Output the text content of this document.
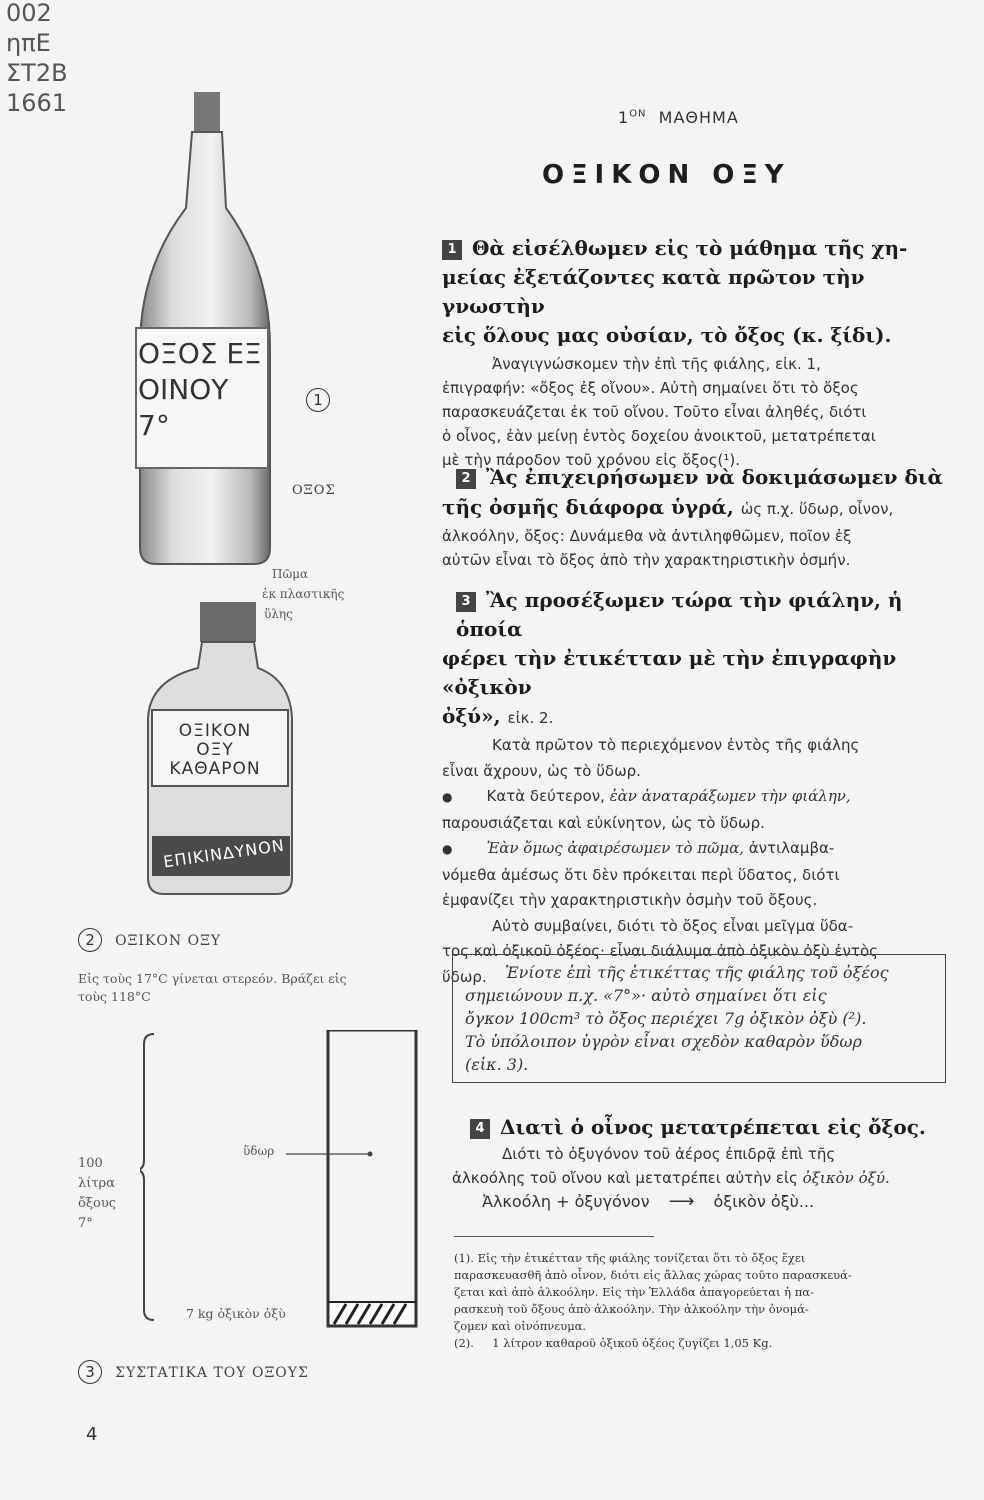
002
ηπΕ
ΣΤ2Β
1661
ΟΞΟΣ ΕΞ
ΟΙΝΟΥ
7°
1
ΟΞΟΣ
Πῶμα
ἐκ πλαστικῆς
ὕλης
ΟΞΙΚΟΝ
ΟΞΥ
ΚΑΘΑΡΟΝ
ΕΠΙΚΙΝΔΥΝΟΝ
2 ΟΞΙΚΟΝ ΟΞΥ
Εἰς τοὺς 17°C γίνεται στερεόν. Βράζει εἰς
τοὺς 118°C
100
λίτρα
ὄξους
7°
ὕδωρ
7 kg ὀξικὸν ὀξὺ
3 ΣΥΣΤΑΤΙΚΑ ΤΟΥ ΟΞΟΥΣ
$1^{ON}$ ΜΑΘΗΜΑ
ΟΞΙΚΟΝ ΟΞΥ
1 Θὰ εἰσέλθωμεν εἰς τὸ μάθημα τῆς χη-
μείας ἐξετάζοντες κατὰ πρῶτον τὴν γνωστὴν
εἰς ὅλους μας οὐσίαν, τὸ ὄξος (κ. ξίδι).
Ἀναγιγνώσκομεν τὴν ἐπὶ τῆς φιάλης, εἰκ. 1,
ἐπιγραφήν: «ὄξος ἐξ οἴνου». Αὐτὴ σημαίνει ὅτι τὸ ὄξος
παρασκευάζεται ἐκ τοῦ οἴνου. Τοῦτο εἶναι ἀληθές, διότι
ὁ οἶνος, ἐὰν μείνῃ ἐντὸς δοχείου ἀνοικτοῦ, μετατρέπεται
μὲ τὴν πάροδον τοῦ χρόνου εἰς ὄξος(¹).
2 Ἂς ἐπιχειρήσωμεν νὰ δοκιμάσωμεν διὰ
τῆς ὀσμῆς διάφορα ὑγρά, ὡς π.χ. ὕδωρ, οἶνον,
ἀλκοόλην, ὄξος: Δυνάμεθα νὰ ἀντιληφθῶμεν, ποῖον ἐξ
αὐτῶν εἶναι τὸ ὄξος ἀπὸ τὴν χαρακτηριστικὴν ὀσμήν.
3 Ἂς προσέξωμεν τώρα τὴν φιάλην, ἡ ὁποία
φέρει τὴν ἐτικέτταν μὲ τὴν ἐπιγραφὴν «ὀξικὸν
ὀξύ», εἰκ. 2.
Κατὰ πρῶτον τὸ περιεχόμενον ἐντὸς τῆς φιάλης
εἶναι ἄχρουν, ὡς τὸ ὕδωρ.
● Κατὰ δεύτερον, ἐὰν ἀναταράξωμεν τὴν φιάλην,
παρουσιάζεται καὶ εὐκίνητον, ὡς τὸ ὕδωρ.
● Ἐὰν ὅμως ἀφαιρέσωμεν τὸ πῶμα, ἀντιλαμβα-
νόμεθα ἀμέσως ὅτι δὲν πρόκειται περὶ ὕδατος, διότι
ἐμφανίζει τὴν χαρακτηριστικὴν ὀσμὴν τοῦ ὄξους.
Αὐτὸ συμβαίνει, διότι τὸ ὄξος εἶναι μεῖγμα ὕδα-
τος καὶ ὀξικοῦ ὀξέος· εἶναι διάλυμα ἀπὸ ὀξικὸν ὀξὺ ἐντὸς
ὕδωρ.	Ἐνίοτε ἐπὶ τῆς ἐτικέττας τῆς φιάλης τοῦ ὀξέος
σημειώνουν π.χ. «7°»· αὐτὸ σημαίνει ὅτι εἰς
ὄγκον 100cm³ τὸ ὄξος περιέχει 7g ὀξικὸν ὀξὺ (²).
Τὸ ὑπόλοιπον ὑγρὸν εἶναι σχεδὸν καθαρὸν ὕδωρ
(εἰκ. 3).
4 Διατὶ ὁ οἶνος μετατρέπεται εἰς ὄξος.
Διότι τὸ ὀξυγόνον τοῦ ἀέρος ἐπιδρᾷ ἐπὶ τῆς
ἀλκοόλης τοῦ οἴνου καὶ μετατρέπει αὐτὴν εἰς ὀξικὸν ὀξύ.
Ἀλκοόλη + ὀξυγόνον ⟶ ὀξικὸν ὀξὺ...
(1). Εἰς τὴν ἐτικέτταν τῆς φιάλης τονίζεται ὅτι τὸ ὄξος ἔχει
παρασκευασθῆ ἀπὸ οἶνον, διότι εἰς ἄλλας χώρας τοῦτο παρασκευά-
ζεται καὶ ἀπὸ ἀλκοόλην. Εἰς τὴν Ἑλλάδα ἀπαγορεύεται ἡ πα-
ρασκευὴ τοῦ ὄξους ἀπὸ ἀλκοόλην. Τὴν ἀλκοόλην τὴν ὀνομά-
ζομεν καὶ οἰνόπνευμα.
(2).     1 λίτρον καθαροῦ ὀξικοῦ ὀξέος ζυγίζει 1,05 Kg.
4
